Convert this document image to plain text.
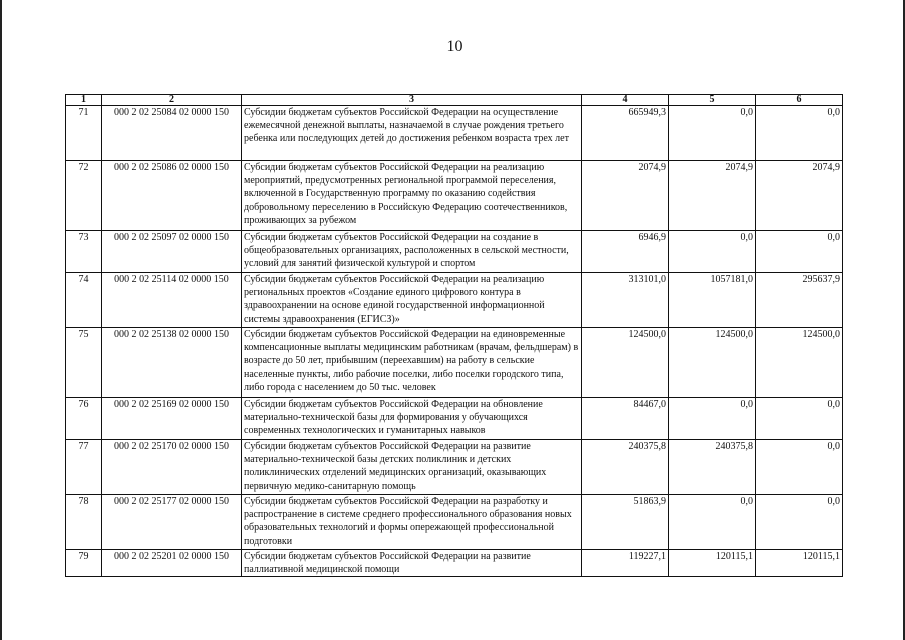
10
1	2	3	4	5	6
71	000 2 02 25084 02 0000 150	Субсидии бюджетам субъектов Российской Федерации на осуществление ежемесячной денежной выплаты, назначаемой в случае рождения третьего ребенка или последующих детей до достижения ребенком возраста трех лет	665949,3	0,0	0,0
72	000 2 02 25086 02 0000 150	Субсидии бюджетам субъектов Российской Федерации на реализацию мероприятий, предусмотренных региональной программой переселения, включенной в Государственную программу по оказанию содействия добровольному переселению в Российскую Федерацию соотечественников, проживающих за рубежом	2074,9	2074,9	2074,9
73	000 2 02 25097 02 0000 150	Субсидии бюджетам субъектов Российской Федерации на создание в общеобразовательных организациях, расположенных в сельской местности, условий для занятий физической культурой и спортом	6946,9	0,0	0,0
74	000 2 02 25114 02 0000 150	Субсидии бюджетам субъектов Российской Федерации на реализацию региональных проектов «Создание единого цифрового контура в здравоохранении на основе единой государственной информационной системы здравоохранения (ЕГИСЗ)»	313101,0	1057181,0	295637,9
75	000 2 02 25138 02 0000 150	Субсидии бюджетам субъектов Российской Федерации на единовременные компенсационные выплаты медицинским работникам (врачам, фельдшерам) в возрасте до 50 лет, прибывшим (переехавшим) на работу в сельские населенные пункты, либо рабочие поселки, либо поселки городского типа, либо города с населением до 50 тыс. человек	124500,0	124500,0	124500,0
76	000 2 02 25169 02 0000 150	Субсидии бюджетам субъектов Российской Федерации на обновление материально-технической базы для формирования у обучающихся современных технологических и гуманитарных навыков	84467,0	0,0	0,0
77	000 2 02 25170 02 0000 150	Субсидии бюджетам субъектов Российской Федерации на развитие материально-технической базы детских поликлиник и детских поликлинических отделений медицинских организаций, оказывающих первичную медико-санитарную помощь	240375,8	240375,8	0,0
78	000 2 02 25177 02 0000 150	Субсидии бюджетам субъектов Российской Федерации на разработку и распространение в системе среднего профессионального образования новых образовательных технологий и формы опережающей профессиональной подготовки	51863,9	0,0	0,0
79	000 2 02 25201 02 0000 150	Субсидии бюджетам субъектов Российской Федерации на развитие паллиативной медицинской помощи	119227,1	120115,1	120115,1
